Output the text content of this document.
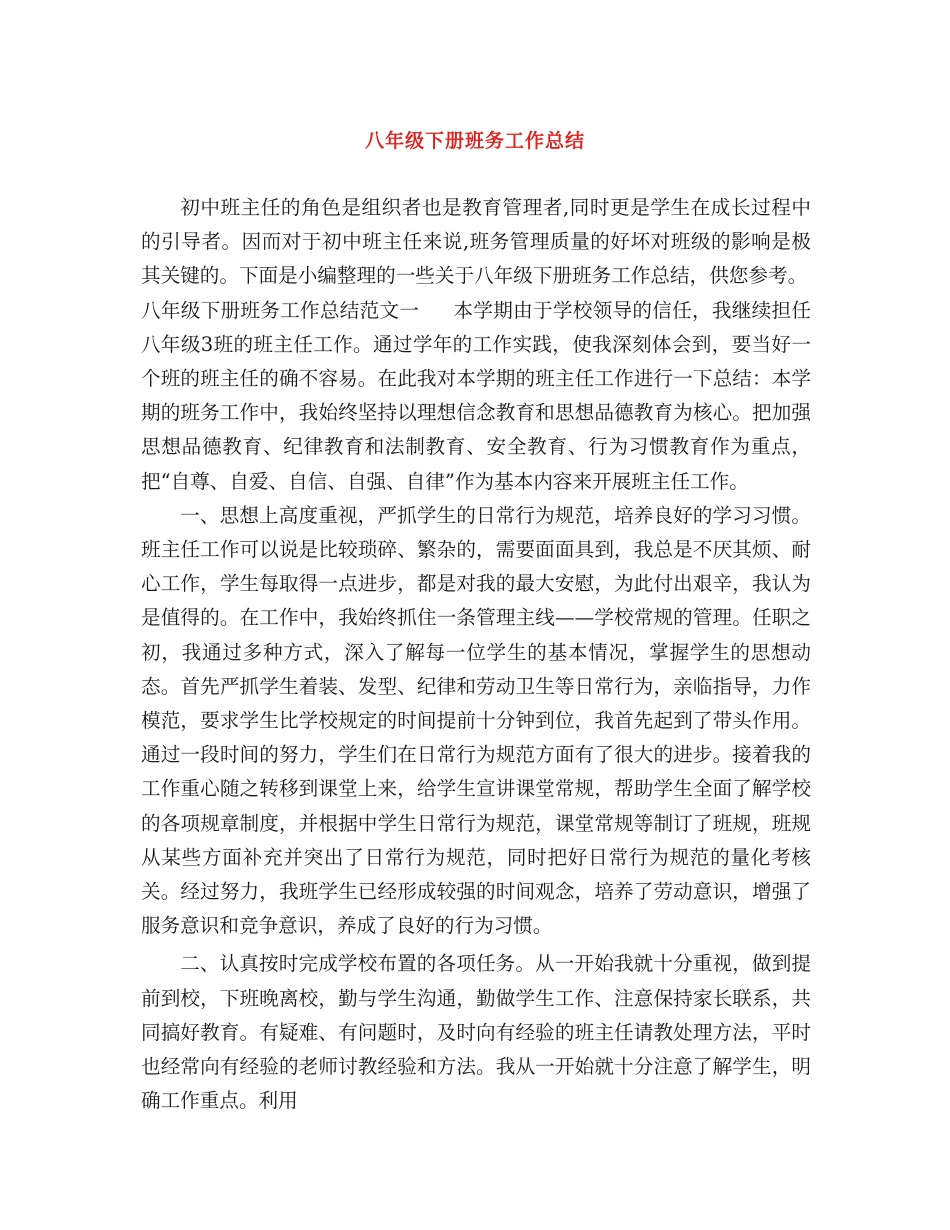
八年级下册班务工作总结

初中班主任的角色是组织者也是教育管理者,同时更是学生在成长过程中的引导者。因而对于初中班主任来说,班务管理质量的好坏对班级的影响是极其关键的。下面是小编整理的一些关于八年级下册班务工作总结，供您参考。

八年级下册班务工作总结范文一 本学期由于学校领导的信任，我继续担任八年级3班的班主任工作。通过学年的工作实践，使我深刻体会到，要当好一个班的班主任的确不容易。在此我对本学期的班主任工作进行一下总结：本学期的班务工作中，我始终坚持以理想信念教育和思想品德教育为核心。把加强思想品德教育、纪律教育和法制教育、安全教育、行为习惯教育作为重点，把“自尊、自爱、自信、自强、自律”作为基本内容来开展班主任工作。

一、思想上高度重视，严抓学生的日常行为规范，培养良好的学习习惯。班主任工作可以说是比较琐碎、繁杂的，需要面面具到，我总是不厌其烦、耐心工作，学生每取得一点进步，都是对我的最大安慰，为此付出艰辛，我认为是值得的。在工作中，我始终抓住一条管理主线——学校常规的管理。任职之初，我通过多种方式，深入了解每一位学生的基本情况，掌握学生的思想动态。首先严抓学生着装、发型、纪律和劳动卫生等日常行为，亲临指导，力作模范，要求学生比学校规定的时间提前十分钟到位，我首先起到了带头作用。通过一段时间的努力，学生们在日常行为规范方面有了很大的进步。接着我的工作重心随之转移到课堂上来，给学生宣讲课堂常规，帮助学生全面了解学校的各项规章制度，并根据中学生日常行为规范，课堂常规等制订了班规，班规从某些方面补充并突出了日常行为规范，同时把好日常行为规范的量化考核关。经过努力，我班学生已经形成较强的时间观念，培养了劳动意识，增强了服务意识和竞争意识，养成了良好的行为习惯。

二、认真按时完成学校布置的各项任务。从一开始我就十分重视，做到提前到校，下班晚离校，勤与学生沟通，勤做学生工作、注意保持家长联系，共同搞好教育。有疑难、有问题时，及时向有经验的班主任请教处理方法，平时也经常向有经验的老师讨教经验和方法。我从一开始就十分注意了解学生，明确工作重点。利用
